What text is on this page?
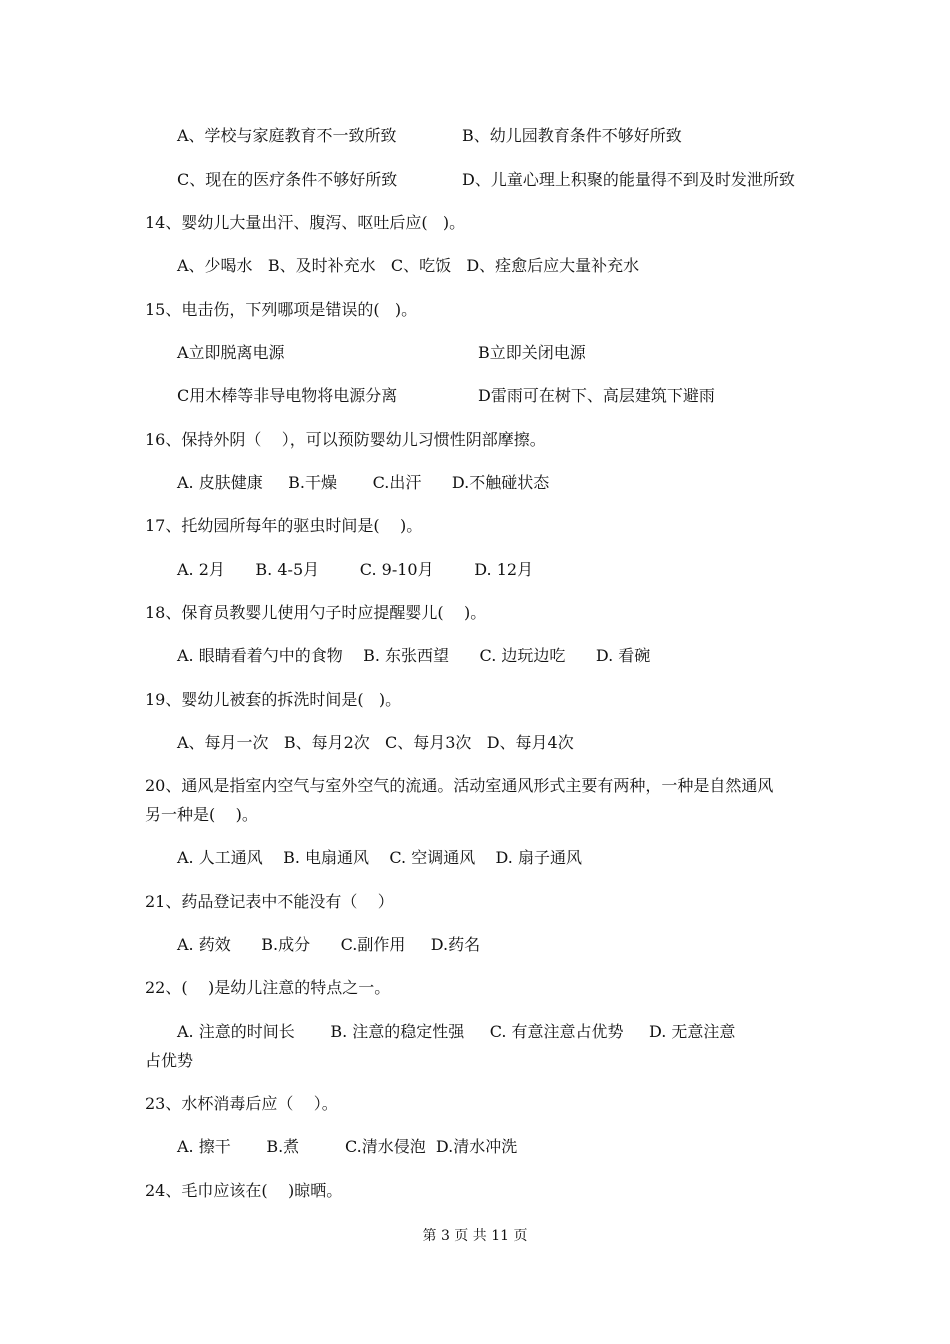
A、学校与家庭教育不一致所致	B、幼儿园教育条件不够好所致
C、现在的医疗条件不够好所致	D、儿童心理上积聚的能量得不到及时发泄所致
14、婴幼儿大量出汗、腹泻、呕吐后应(   )。
A、少喝水   B、及时补充水   C、吃饭   D、痊愈后应大量补充水
15、电击伤，下列哪项是错误的(   )。
A立即脱离电源	B立即关闭电源
C用木棒等非导电物将电源分离	D雷雨可在树下、高层建筑下避雨
16、保持外阴（    ），可以预防婴幼儿习惯性阴部摩擦。
A. 皮肤健康     B.干燥       C.出汗      D.不触碰状态
17、托幼园所每年的驱虫时间是(    )。
A. 2月      B. 4-5月        C. 9-10月        D. 12月
18、保育员教婴儿使用勺子时应提醒婴儿(    )。
A. 眼睛看着勺中的食物    B. 东张西望      C. 边玩边吃      D. 看碗
19、婴幼儿被套的拆洗时间是(   )。
A、每月一次   B、每月2次   C、每月3次   D、每月4次
20、通风是指室内空气与室外空气的流通。活动室通风形式主要有两种，一种是自然通风
另一种是(    )。
A. 人工通风    B. 电扇通风    C. 空调通风    D. 扇子通风
21、药品登记表中不能没有（    ）
A. 药效      B.成分      C.副作用     D.药名
22、(    )是幼儿注意的特点之一。
A. 注意的时间长       B. 注意的稳定性强     C. 有意注意占优势     D. 无意注意
占优势
23、水杯消毒后应（    ）。
A. 擦干       B.煮         C.清水侵泡  D.清水冲洗
24、毛巾应该在(    )晾晒。
第 3 页 共 11 页
